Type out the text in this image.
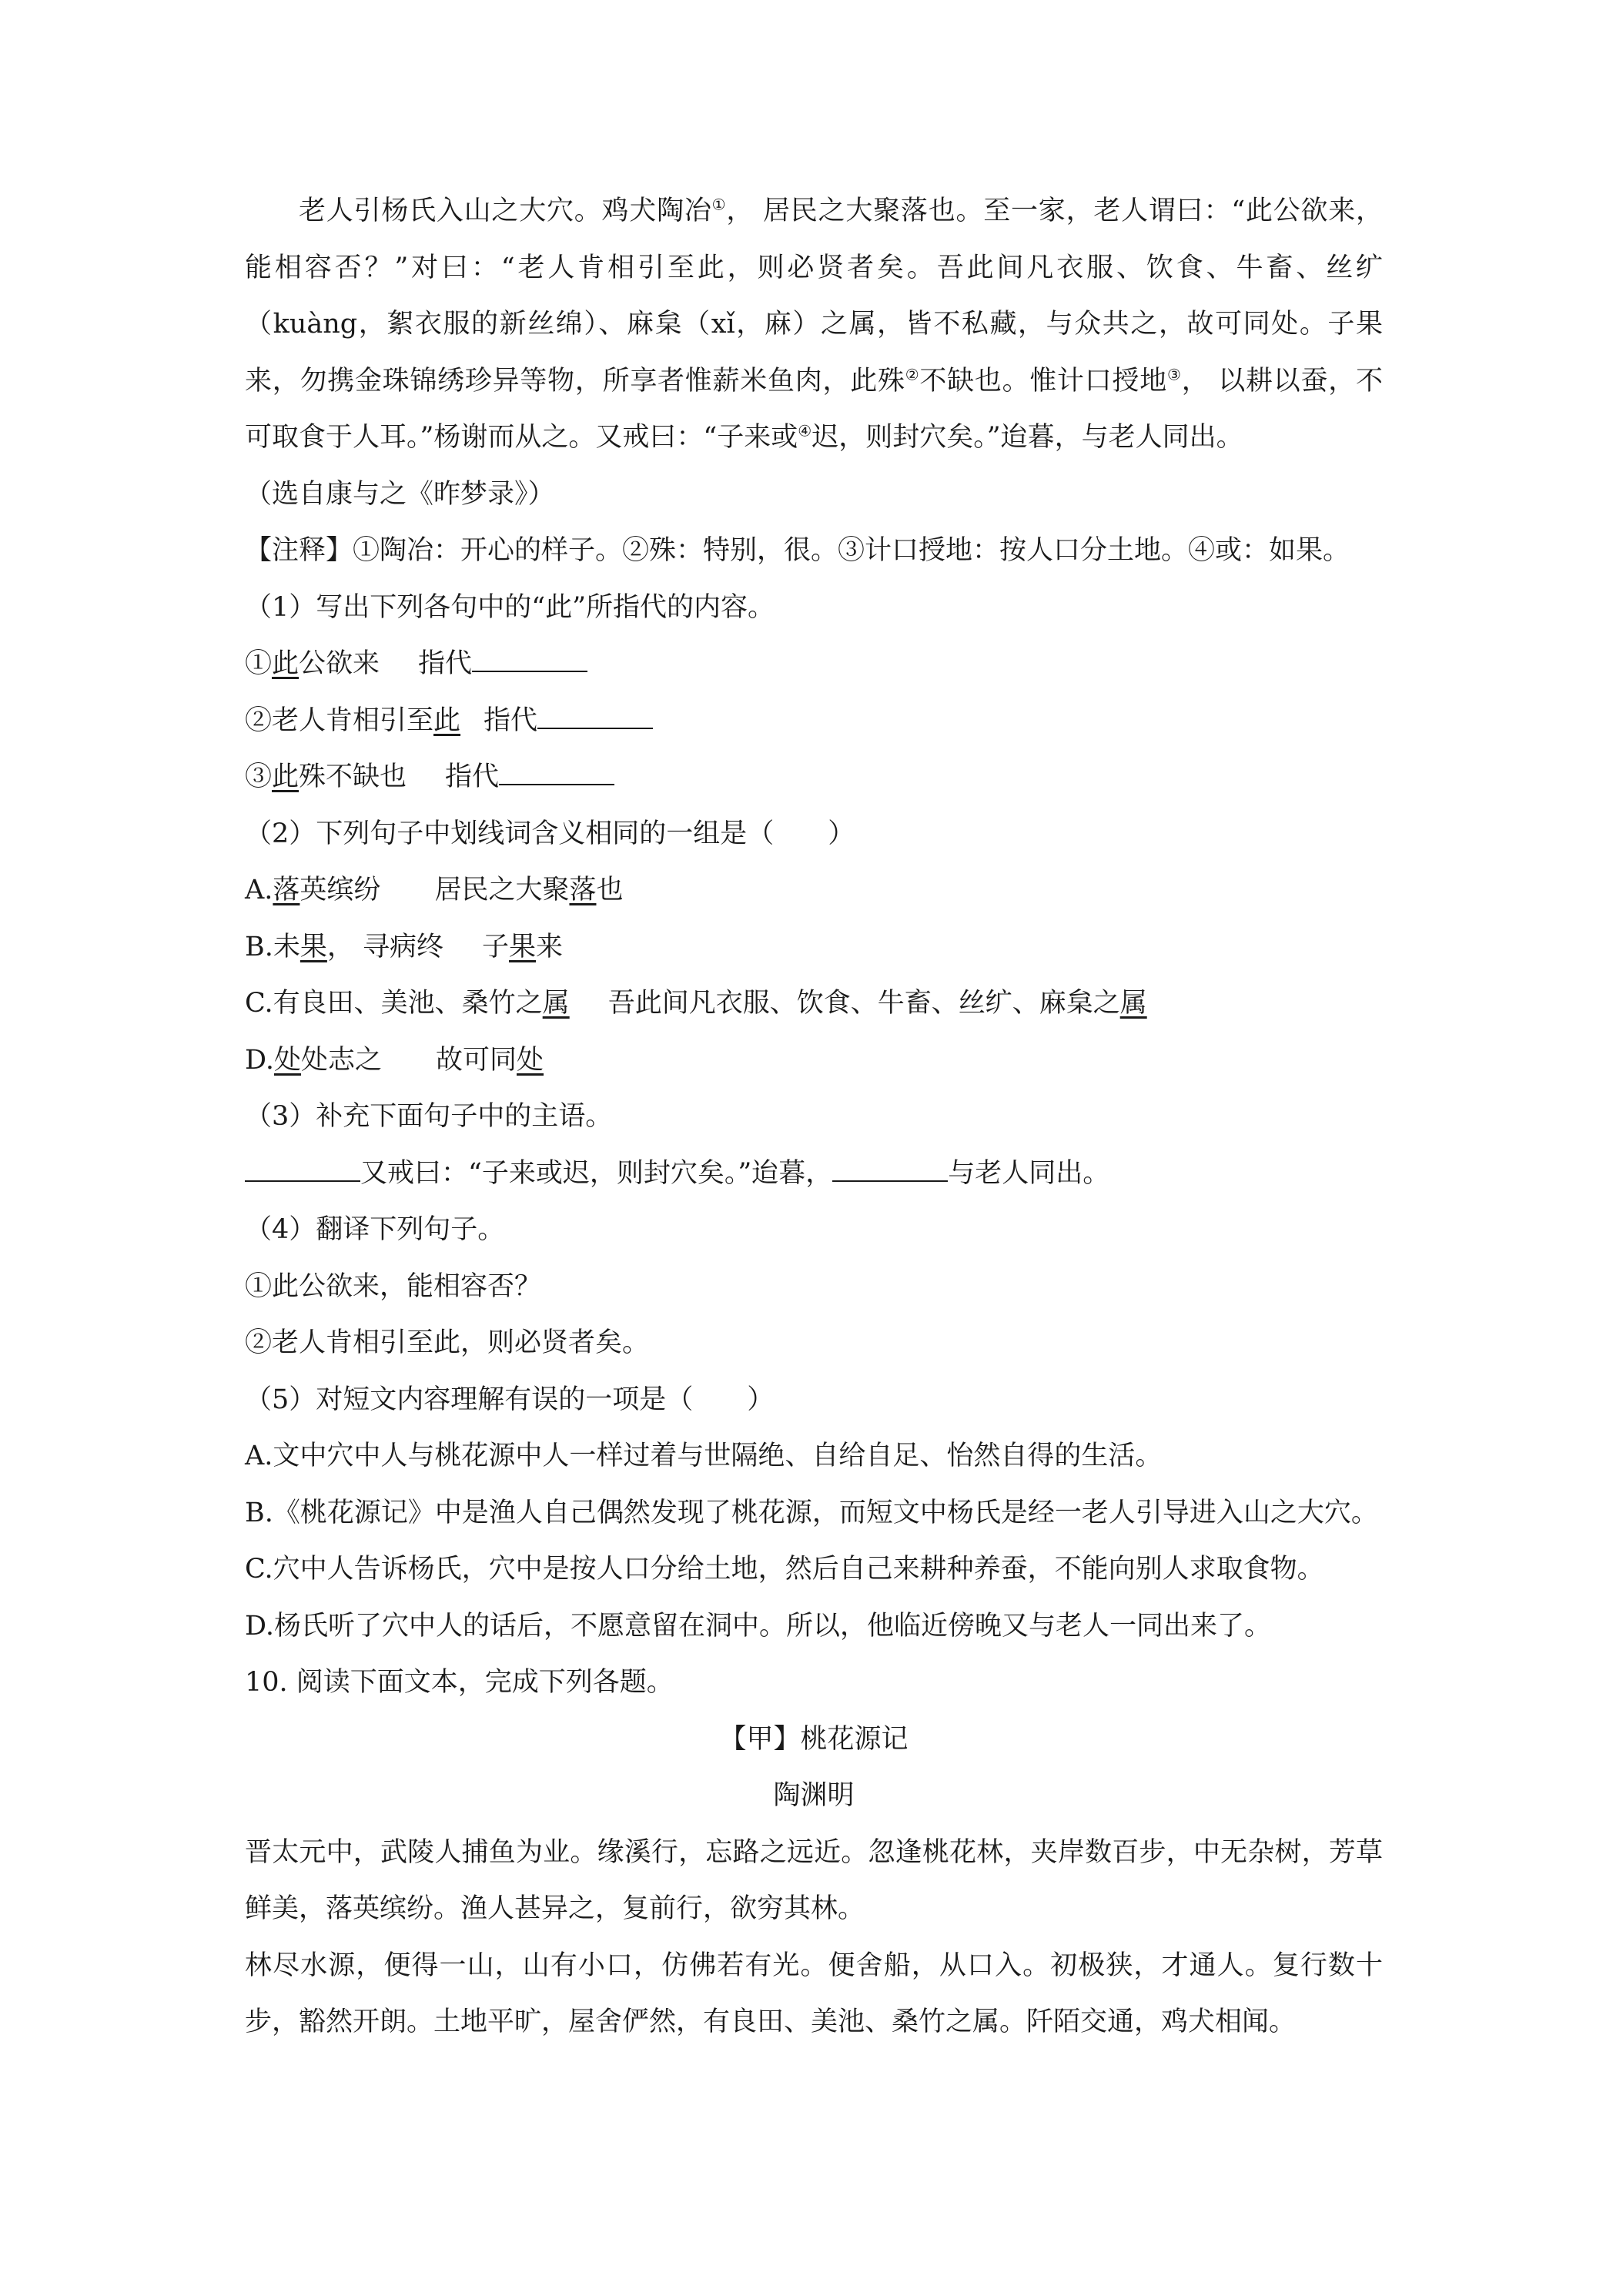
老人引杨氏入山之大穴。鸡犬陶冶①， 居民之大聚落也。至一家，老人谓曰：“此公欲来，能相容否？”对曰：“老人肯相引至此，则必贤者矣。吾此间凡衣服、饮食、牛畜、丝纩（kuàng，絮衣服的新丝绵）、麻枲（xǐ，麻）之属，皆不私藏，与众共之，故可同处。子果来，勿携金珠锦绣珍异等物，所享者惟薪米鱼肉，此殊②不缺也。惟计口授地③， 以耕以蚕，不可取食于人耳。”杨谢而从之。又戒曰：“子来或④迟，则封穴矣。”迨暮，与老人同出。

（选自康与之《昨梦录》）

【注释】①陶冶：开心的样子。②殊：特别，很。③计口授地：按人口分土地。④或：如果。

（1）写出下列各句中的“此”所指代的内容。

①此公欲来 指代

②老人肯相引至此 指代

③此殊不缺也 指代

（2）下列句子中划线词含义相同的一组是（　　）

A.落英缤纷 居民之大聚落也

B.未果， 寻病终 子果来

C.有良田、美池、桑竹之属 吾此间凡衣服、饮食、牛畜、丝纩、麻枲之属

D.处处志之 故可同处

（3）补充下面句子中的主语。

又戒曰：“子来或迟，则封穴矣。”迨暮，	与老人同出。

（4）翻译下列句子。

①此公欲来，能相容否？

②老人肯相引至此，则必贤者矣。

（5）对短文内容理解有误的一项是（　　）

A.文中穴中人与桃花源中人一样过着与世隔绝、自给自足、怡然自得的生活。

B.《桃花源记》中是渔人自己偶然发现了桃花源，而短文中杨氏是经一老人引导进入山之大穴。

C.穴中人告诉杨氏，穴中是按人口分给土地，然后自己来耕种养蚕，不能向别人求取食物。

D.杨氏听了穴中人的话后，不愿意留在洞中。所以，他临近傍晚又与老人一同出来了。

10. 阅读下面文本，完成下列各题。

【甲】桃花源记

陶渊明

晋太元中，武陵人捕鱼为业。缘溪行，忘路之远近。忽逢桃花林，夹岸数百步，中无杂树，芳草鲜美，落英缤纷。渔人甚异之，复前行，欲穷其林。

林尽水源，便得一山，山有小口，仿佛若有光。便舍船，从口入。初极狭，才通人。复行数十步，豁然开朗。土地平旷，屋舍俨然，有良田、美池、桑竹之属。阡陌交通，鸡犬相闻。
